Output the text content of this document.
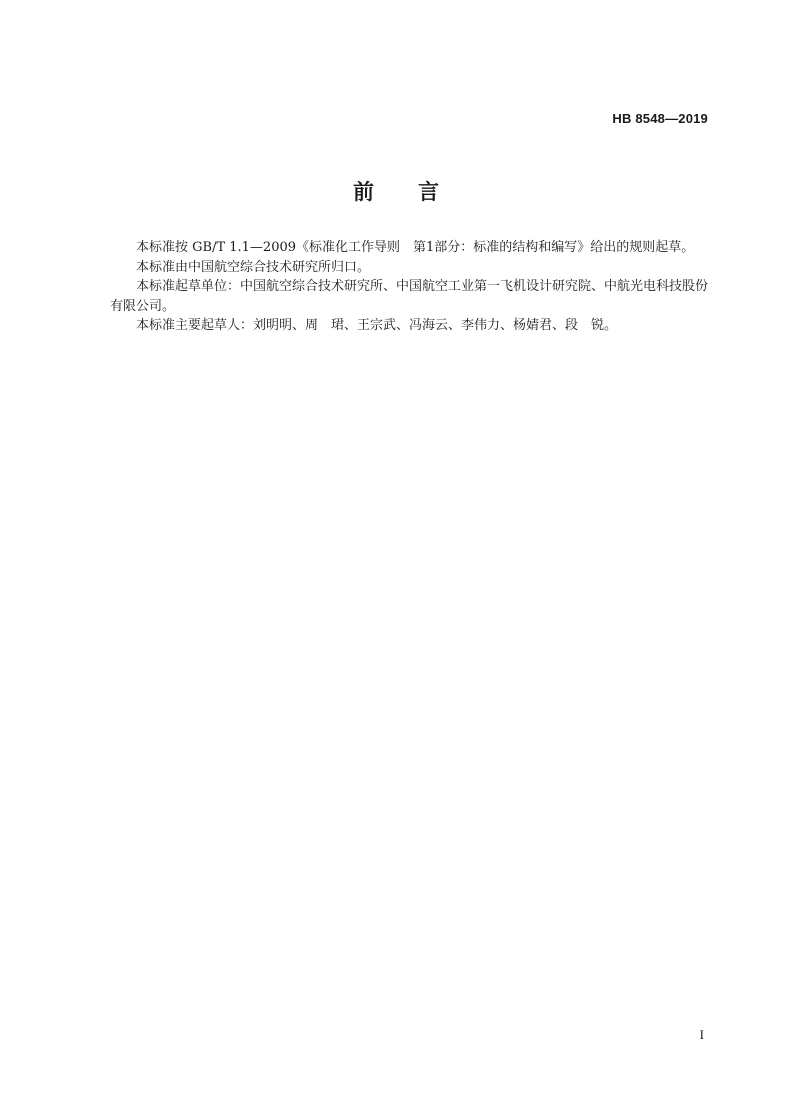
HB 8548—2019
前言

本标准按 GB/T 1.1—2009《标准化工作导则　第1部分：标准的结构和编写》给出的规则起草。

本标准由中国航空综合技术研究所归口。

本标准起草单位：中国航空综合技术研究所、中国航空工业第一飞机设计研究院、中航光电科技股份有限公司。

本标准主要起草人：刘明明、周　珺、王宗武、冯海云、李伟力、杨婧君、段　锐。

I
